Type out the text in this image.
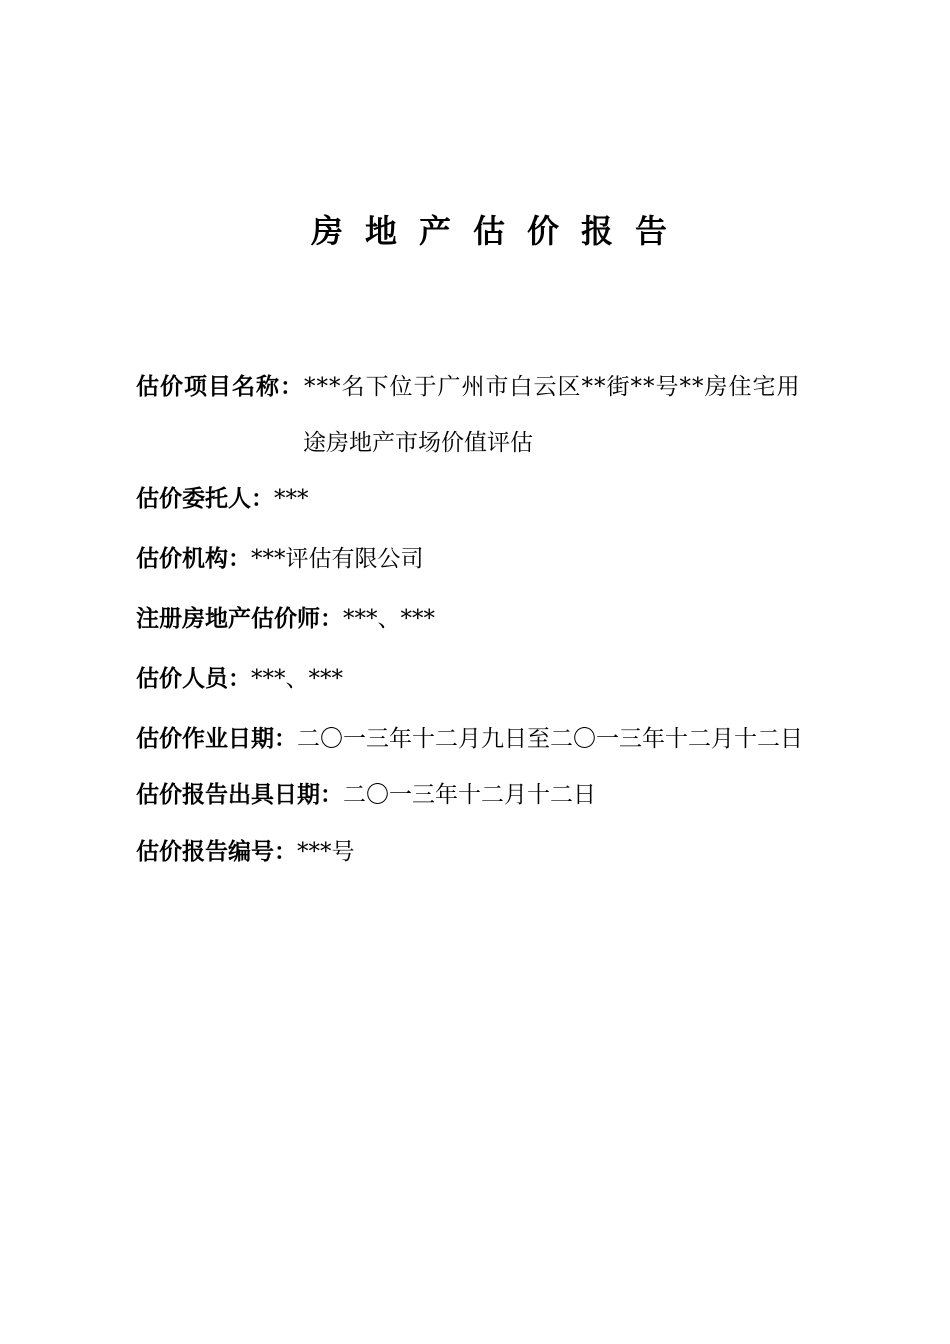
房地产估价报告
估价项目名称：***名下位于广州市白云区**街**号**房住宅用
途房地产市场价值评估
估价委托人：***
估价机构：***评估有限公司
注册房地产估价师：***、***
估价人员：***、***
估价作业日期：二〇一三年十二月九日至二〇一三年十二月十二日
估价报告出具日期：二〇一三年十二月十二日
估价报告编号：***号
